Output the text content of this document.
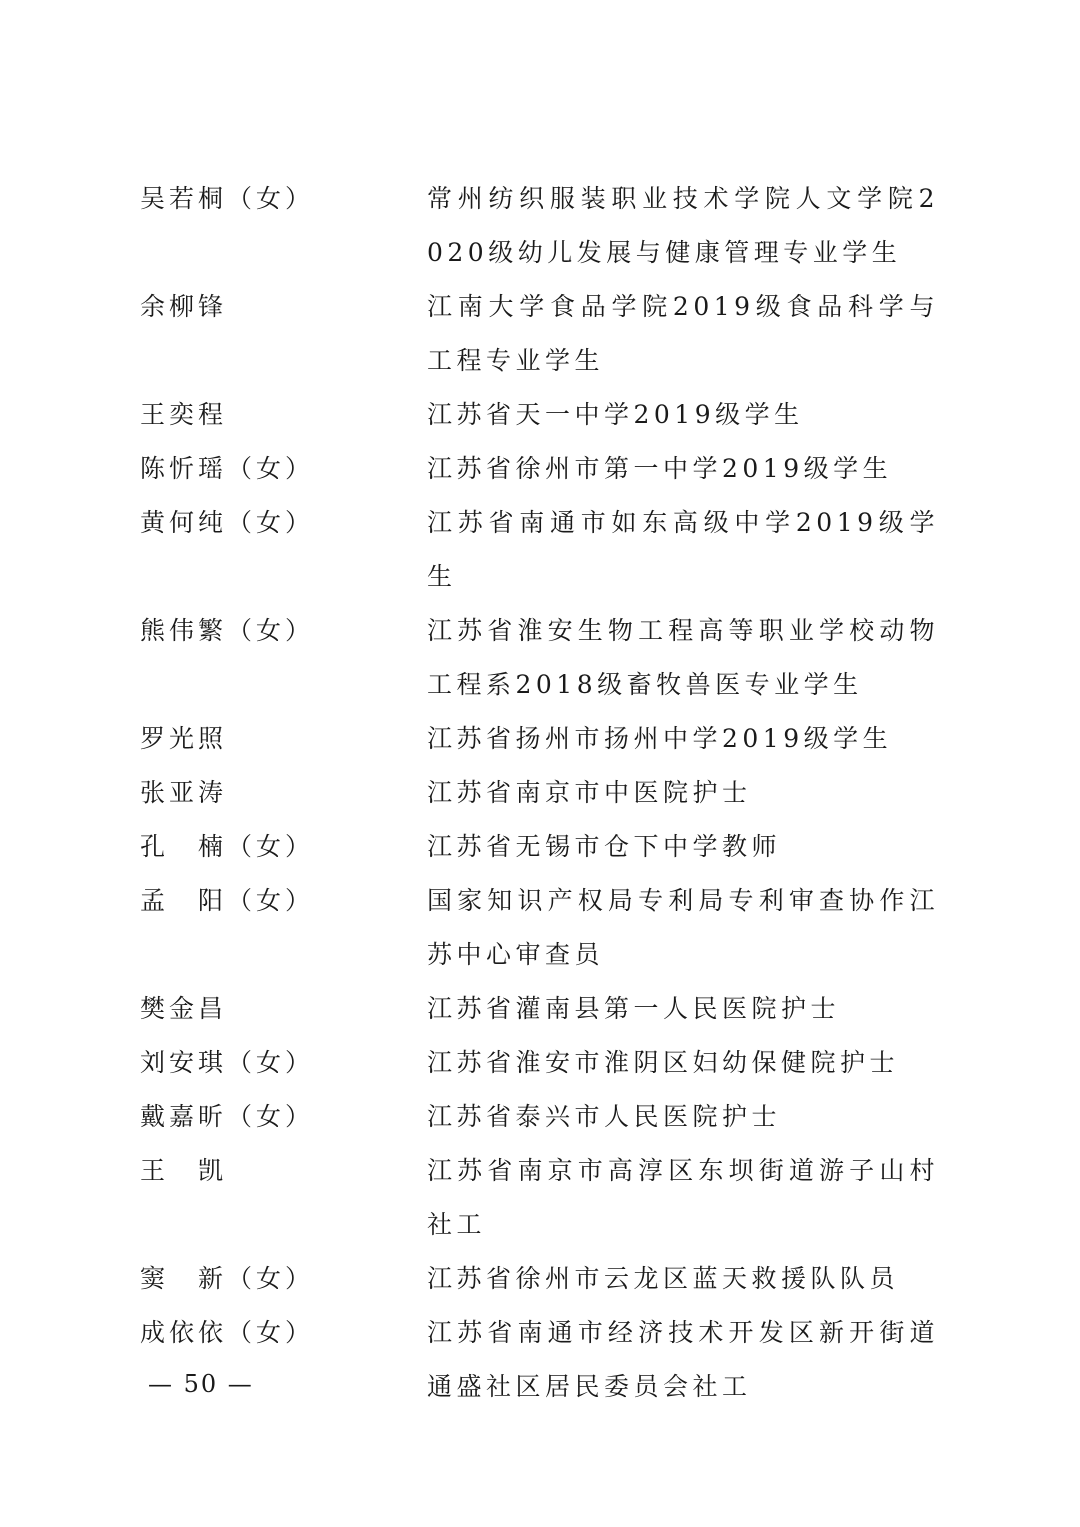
吴若桐（女）	常州纺织服装职业技术学院人文学院2020级幼儿发展与健康管理专业学生
余柳锋	江南大学食品学院2019级食品科学与工程专业学生
王奕程	江苏省天一中学2019级学生
陈忻瑶（女）	江苏省徐州市第一中学2019级学生
黄何纯（女）	江苏省南通市如东高级中学2019级学生
熊伟繁（女）	江苏省淮安生物工程高等职业学校动物工程系2018级畜牧兽医专业学生
罗光照	江苏省扬州市扬州中学2019级学生
张亚涛	江苏省南京市中医院护士
孔　楠（女）	江苏省无锡市仓下中学教师
孟　阳（女）	国家知识产权局专利局专利审查协作江苏中心审查员
樊金昌	江苏省灌南县第一人民医院护士
刘安琪（女）	江苏省淮安市淮阴区妇幼保健院护士
戴嘉昕（女）	江苏省泰兴市人民医院护士
王　凯	江苏省南京市高淳区东坝街道游子山村社工
窦　新（女）	江苏省徐州市云龙区蓝天救援队队员
成依依（女）	江苏省南通市经济技术开发区新开街道通盛社区居民委员会社工
— 50 —
